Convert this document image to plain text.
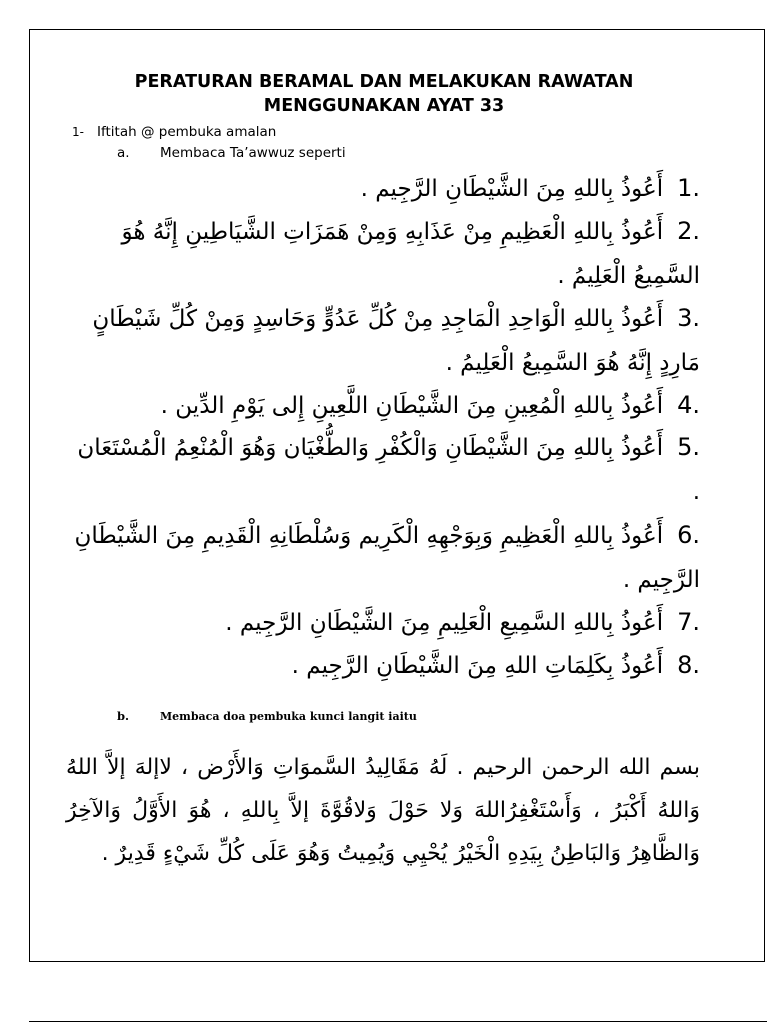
PERATURAN BERAMAL DAN MELAKUKAN RAWATAN
MENGGUNAKAN AYAT 33
1- Iftitah @ pembuka amalan
a. Membaca Ta’awwuz seperti
1.أَعُوذُ بِاللهِ مِنَ الشَّيْطَانِ الرَّجِيم .
2.أَعُوذُ بِاللهِ الْعَظِيمِ مِنْ عَذَابِهِ وَمِنْ هَمَزَاتِ الشَّيَاطِينِ إِنَّهُ هُوَ السَّمِيعُ الْعَلِيمُ .
3.أَعُوذُ بِاللهِ الْوَاحِدِ الْمَاجِدِ مِنْ كُلِّ عَدُوٍّ وَحَاسِدٍ وَمِنْ كُلِّ شَيْطَانٍ مَارِدٍ إِنَّهُ هُوَ السَّمِيعُ الْعَلِيمُ .
4.أَعُوذُ بِاللهِ الْمُعِينِ مِنَ الشَّيْطَانِ اللَّعِينِ إِلى يَوْمِ الدِّين .
5.أَعُوذُ بِاللهِ مِنَ الشَّيْطَانِ وَالْكُفْرِ وَالطُّغْيَان وَهُوَ الْمُنْعِمُ الْمُسْتَعَان .
6.أَعُوذُ بِاللهِ الْعَظِيمِ وَبِوَجْهِهِ الْكَرِيم وَسُلْطَانِهِ الْقَدِيمِ مِنَ الشَّيْطَانِ الرَّجِيم .
7.أَعُوذُ بِاللهِ السَّمِيعِ الْعَلِيمِ مِنَ الشَّيْطَانِ الرَّجِيم .
8.أَعُوذُ بِكَلِمَاتِ اللهِ مِنَ الشَّيْطَانِ الرَّجِيم .
b.	Membaca doa pembuka kunci langit iaitu
بسم الله الرحمن الرحيم . لَهُ مَقَالِيدُ السَّموَاتِ وَالأَرْض ، لاإلهَ إلاَّ اللهُ وَاللهُ أَكْبَرُ ، وَأَسْتَغْفِرُاللهَ وَلا حَوْلَ وَلاقُوَّةَ إلاَّ بِاللهِ ، هُوَ الأَوَّلُ وَالآخِرُ وَالظَّاهِرُ وَالبَاطِنُ بِيَدِهِ الْخَيْرُ يُحْيِي وَيُمِيتُ وَهُوَ عَلَى كُلِّ شَيْءٍ قَدِيرٌ .
